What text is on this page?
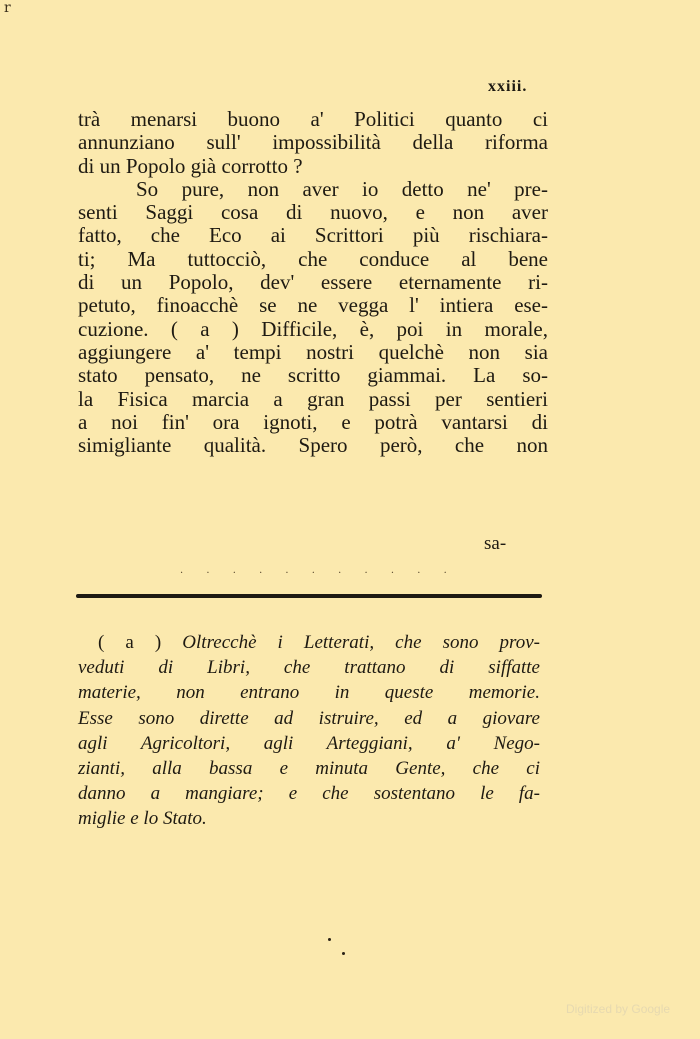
r
xxiii.
trà menarsi buono a' Politici quanto ci
annunziano sull' impossibilità della riforma
di un Popolo già corrotto ?
So pure, non aver io detto ne' pre-
senti Saggi cosa di nuovo, e non aver
fatto, che Eco ai Scrittori più rischiara-
ti; Ma tuttocciò, che conduce al bene
di un Popolo, dev' essere eternamente ri-
petuto, finoacchè se ne vegga l' intiera ese-
cuzione. ( a ) Difficile, è, poi in morale,
aggiungere a' tempi nostri quelchè non sia
stato pensato, ne scritto giammai. La so-
la Fisica marcia a gran passi per sentieri
a noi fin' ora ignoti, e potrà vantarsi di
simigliante qualità. Spero però, che non
sa-
· · · · · · · · · · ·
( a ) Oltrecchè i Letterati, che sono prov-
veduti di Libri, che trattano di siffatte
materie, non entrano in queste memorie.
Esse sono dirette ad istruire, ed a giovare
agli Agricoltori, agli Arteggiani, a' Nego-
zianti, alla bassa e minuta Gente, che ci
danno a mangiare; e che sostentano le fa-
miglie e lo Stato.
Digitized by Google
